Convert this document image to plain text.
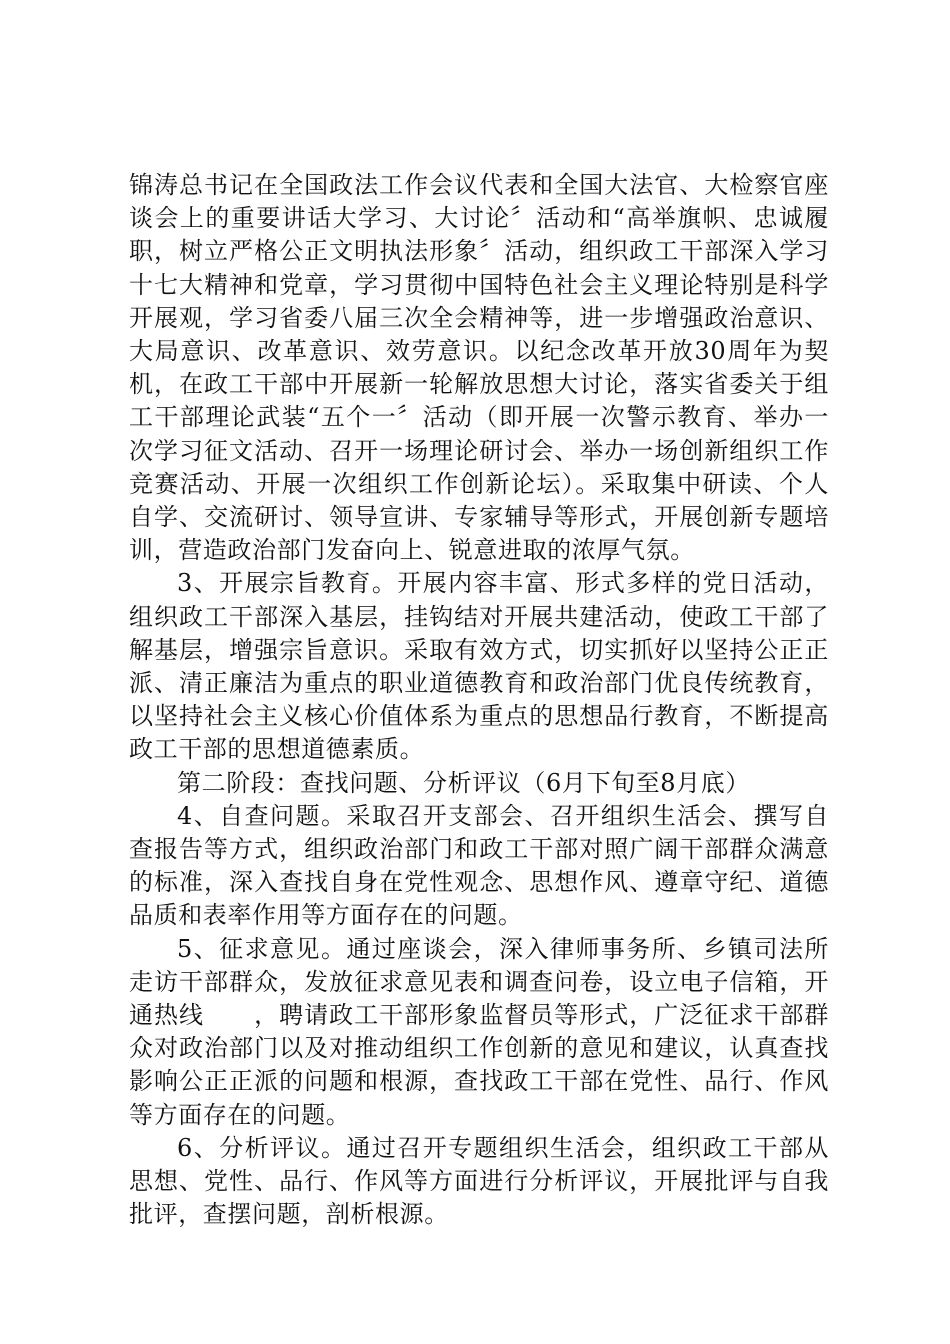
锦涛总书记在全国政法工作会议代表和全国大法官、大检察官座谈会上的重要讲话大学习、大讨论〞活动和“高举旗帜、忠诚履职，树立严格公正文明执法形象〞活动，组织政工干部深入学习十七大精神和党章，学习贯彻中国特色社会主义理论特别是科学开展观，学习省委八届三次全会精神等，进一步增强政治意识、大局意识、改革意识、效劳意识。以纪念改革开放30周年为契机，在政工干部中开展新一轮解放思想大讨论，落实省委关于组工干部理论武装“五个一〞活动（即开展一次警示教育、举办一次学习征文活动、召开一场理论研讨会、举办一场创新组织工作竞赛活动、开展一次组织工作创新论坛）。采取集中研读、个人自学、交流研讨、领导宣讲、专家辅导等形式，开展创新专题培训，营造政治部门发奋向上、锐意进取的浓厚气氛。

3、开展宗旨教育。开展内容丰富、形式多样的党日活动，组织政工干部深入基层，挂钩结对开展共建活动，使政工干部了解基层，增强宗旨意识。采取有效方式，切实抓好以坚持公正正派、清正廉洁为重点的职业道德教育和政治部门优良传统教育，以坚持社会主义核心价值体系为重点的思想品行教育，不断提高政工干部的思想道德素质。

第二阶段：查找问题、分析评议（6月下旬至8月底）

4、自查问题。采取召开支部会、召开组织生活会、撰写自查报告等方式，组织政治部门和政工干部对照广阔干部群众满意的标准，深入查找自身在党性观念、思想作风、遵章守纪、道德品质和表率作用等方面存在的问题。

5、征求意见。通过座谈会，深入律师事务所、乡镇司法所走访干部群众，发放征求意见表和调查问卷，设立电子信箱，开通热线　　，聘请政工干部形象监督员等形式，广泛征求干部群众对政治部门以及对推动组织工作创新的意见和建议，认真查找影响公正正派的问题和根源，查找政工干部在党性、品行、作风等方面存在的问题。

6、分析评议。通过召开专题组织生活会，组织政工干部从思想、党性、品行、作风等方面进行分析评议，开展批评与自我批评，查摆问题，剖析根源。
